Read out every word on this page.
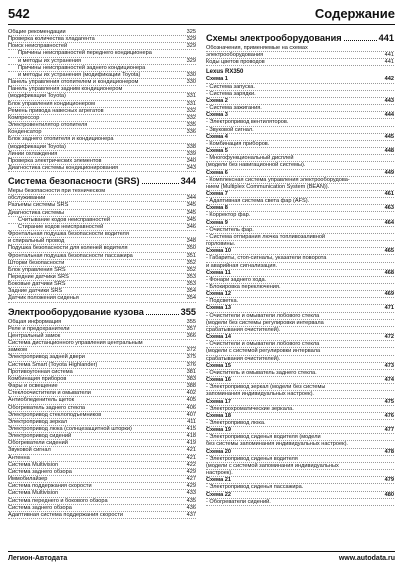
542	Содержание
Общие рекомендации	325
Проверка количества хладагента	329
Поиск неисправностей	329
Причины неисправностей переднего кондиционера
и методы их устранения	329
Причины неисправностей заднего кондиционера
и методы их устранения (модификации Toyota)	330
Панель управления отопителем и кондиционером	330
Панель управления задним кондиционером
(модификации Toyota)	331
Блок управления кондиционером	331
Ремень привода навесных агрегатов	332
Компрессор	332
Электровентилятор отопителя	335
Конденсатор	336
Блок заднего отопителя и кондиционера
(модификации Toyota)	338
Линии охлаждения	339
Проверка электрических элементов	340
Диагностика системы кондиционирования	343
Система безопасности (SRS)	344
Меры безопасности при техническом
обслуживании	344
Разъемы системы SRS	345
Диагностика системы	345
Считывание кодов неисправностей	345
Стирание кодов неисправностей	346
Фронтальная подушка безопасности водителя
и спиральный провод	348
Подушка безопасности для коленей водителя	350
Фронтальная подушка безопасности пассажира	351
Шторки безопасности	352
Блок управления SRS	352
Передние датчики SRS	353
Боковые датчики SRS	353
Задние датчики SRS	354
Датчик положения сиденья	354
Электрооборудование кузова	355
Общая информация	355
Реле и предохранители	357
Центральный замок	366
Система дистанционного управления центральным
замком	372
Электропривод задней двери	375
Система Smart (Toyota Highlander)	376
Противоугонная система	381
Комбинация приборов	383
Фары и освещение	388
Стеклоочистители и омыватели	402
Антиобледенитель щеток	405
Обогреватель заднего стекла	406
Электропривод стеклоподъемников	407
Электропривод зеркал	411
Электропривод люка (солнцезащитной шторки)	415
Электропривод сидений	418
Обогреватели сидений	419
Звуковой сигнал	421
Антенна	421
Система Multivision	422
Система заднего обзора	429
Иммобилайзер	427
Система поддержания скорости	429
Система Multivision	433
Система переднего и бокового обзора	435
Система заднего обзора	436
Адаптивная система поддержания скорости	437
Схемы электрооборудования	441
Обозначения, применяемые на схемах
электрооборудования	441
Коды цветов проводов	441
Lexus RX350
Схема 1	442
- Система запуска.
- Система зарядки.
Схема 2	443
- Система зажигания.
Схема 3	444
- Электропривод вентиляторов.
- Звуковой сигнал.
Схема 4	445
- Комбинация приборов.
Схема 5	448
- Многофункциональный дисплей
(модели без навигационной системы).
Схема 6	449
- Комплексная система управления электрооборудова-
нием (Multiplex Communication System (BEAN)).
Схема 7	461
- Адаптивная система света фар (AFS).
Схема 8	463
- Корректор фар.
Схема 9	464
- Очиститель фар.
- Система отпирания лючка топливозаливной
горловины.
Схема 10	465
- Габариты, стоп-сигналы, указатели поворота
и аварийная сигнализация.
Схема 11	468
- Фонари заднего хода.
- Блокировка переключения.
Схема 12	469
- Подсветка.
Схема 13	471
- Очистители и омыватели лобового стекла
(модели без системы регулировки интервала
срабатывания очистителей).
Схема 14	472
- Очистители и омыватели лобового стекла
(модели с системой регулировки интервала
срабатывания очистителей).
Схема 15	473
- Очиститель и омыватель заднего стекла.
Схема 16	474
- Электропривод зеркал (модели без системы
запоминания индивидуальных настроек).
Схема 17	475
- Электрохроматические зеркала.
Схема 18	476
- Электропривод люка.
Схема 19	477
- Электропривод сиденья водителя (модели
без системы запоминания индивидуальных настроек).
Схема 20	478
- Электропривод сиденья водителя
(модели с системой запоминания индивидуальных
настроек).
Схема 21	479
- Электропривод сиденья пассажира.
Схема 22	480
- Обогреватели сидений.
Легион-Автодата	www.autodata.ru
